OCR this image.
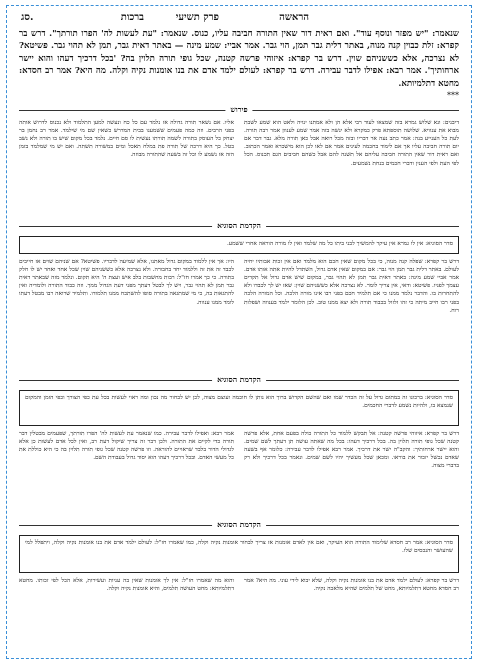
סג.	הראשה
פרק תשיעי
ברכות
שנאמר: "יש מפזר ונוסף עוד". ואם ראית דור שאין התורה חביבה עליו, כנוס. שנאמר: "עת לעשות לה' הפרו תורתך". דרש בר קפרא: זלת כבוין קנה מנוה, באתר דלית גבר תמן, הוי גבר. אמר אביי: שמע מינה — באתר דאית גבר, תמן לא תהוי גבר. פשיטא? לא נצרכה, אלא כששניהם שוין. דרש בר קפרא: איזוהי פרשה קטנה, שכל גופי תורה תלוין בה? 'בכל דרכיך דעהו והוא יישר ארחותיך'. אמר רבא: אפילו לדבר עבירה. דרש בר קפרא: לעולם ילמד אדם את בנו אומנות נקיה וקלה. מה היא? אמר רב חסדא: מחטא דתלמיותא.
***
פירוש
דיבנים: ונא שלוש גמרא בזה שמצאו לעוד רבי אלא הן ולא אמתנו ינויה ולאט הוא שמע לשבת מבוא את ענוויא. שלושה תוספתא פרק כמקרא ולא ינשה בזה אמר שמע לענוון אמר רבה תורה. לעת כל הענייע בנה: אמר כתב נעה אר דבריו ובזה מכל רואה אבל כאן תורה מלא. גבר דבר אם יום תורה חביבה עליו אך אם לימוד בחכמה לעינים אמר אם לאו לכן הוא מישכרא ואמר הכתוב. ואם ראית דור שאין התורה חביבה עליהם אל תשנה להם אבל כשהם חביבים הגם תכנוס. הכל לפי העת ולפי הענין ודברי חכמים בנחת נשמעים.
אליו. אם נשאר תורה גדולה אז נלמד עם כל כח ונעשה למען התלמוד ולא נכנוס לדרוש אותה בפני הרבים. וזה כמה פעמים ששמענו בבית המדרש כשאין שם מי שילמד. אמר רב נחמן בר יצחק כל העוסק בתורה לשמה תורתו נעשית לו סם חיים. נלמד בכל מקום שיש בו תורה ולא נשב בטל. כך היא דרכה של תורה פת במלח תאכל ומים במשורה תשתה. ואם יש מי שמלמד בזמן הזה אז נשמע לו וכל זה בשעה שהתורה מבוזה.
הקדמת הסוגיא
סדר הסוגיא: אין לו גמרא אין עיקר להמשיך לבני ביתו כל מה שלמד ואין לו מורה הוראה אחרי ששמע.
דרש בר קפרא: שפלה קנה מנוה, כי בכל מקום שאין חכם הוא מלמד ואם אין זכות אבותיו יחיה לעולם. באתר דלית גבר תמן הוי גבר: אם במקום שאין אדם גדול, השתדל להיות אתה אותו אדם. אמר אביי שמע מינה: באתר דאית גבר תמן לא תהוי גבר, במקום שיש אדם גדול אל תקדים עצמך לפניו. פשיטא: ודאי, אין צריך לומר. לא נצרכה אלא כששניהם שוין: שאז יש לך לכבדו ולא להתחרות בו. והדבר נלמד ממנו כי אם תלמיד חכם בפני רבו אינו מורה הלכה. וכל המורה הלכה בפני רבו חייב מיתה כי זהו זלזול בכבוד תורה ולא יצא ממנו טוב. לכן הלומד ילמד בענווה ושפלות רוח.
היו: אך אין ללמוד במקום גדול מאתנו, אלא שמיעה לדבריו. פשיטא? אם שניהם שוים אז חייבים לכבד זה את זה וללמוד יחד בחבורה. ולא נצרכה אלא כששניהם שוין שכל אחד ואחד יש לו חלק בתורה. כי כך אמרו חז"ל: רבות מחשבות בלב איש ועצת ה' היא תקום. ונלמד מזה שבאתר דאית גבר תמן לא תהוי גבר, ויש לך לבטל דעתך מפני דעת הגדול ממך. וזה כבוד התורה ולומדיה ואין להתגאות בה, כי מי שמתגאה בתורה סופו להשתכח ממנו תלמודו. ותלמיד שרואה רבו מבטל דעתו לומד ממנו ענווה.
הקדמת הסוגיא
סדר הסוגיא: ברכונו זה במתום גדול על זה הכדר שמו ואם שהשם הקדוש ברוך הוא נותן לו חוכמה ועוצם מצוה, לכן יש לבחור מה נכון ומה ראוי לעשות בכל עת כפי הצורך וכפי הזמן והמקום שנמצא בו, ולהיות נשמע לדברי החכמים.
דרש בר קפרא: איזוהי פרשה קטנה: אל תבקש ללמוד כל התורה כולה בפעם אחת, אלא פרשה קטנה שכל גופי תורה תלוין בה. בכל דרכיך דעהו: בכל מה שאתה עושה תן דעתך לשם שמים. והוא יישר ארחותיך: והקב"ה ישר את דרכיך. אמר רבא אפילו לדבר עבירה: כלומר אף בשעה שאדם נכשל יזכור את בוראו. ומכאן שכל מעשיך יהיו לשם שמים. ונאמר בכל דרכיך ולא רק בדברי מצוה.
אמר רבא: ואפילו לדבר עבירה. כמו שנאמר עת לעשות לה' הפרו תורתך, שפעמים מבטלין דבר תורה כדי לקיים את התורה. ולכן דבר זה צריך שיקול דעת רב, ואין לכל אדם לעשות כן אלא לגדולי הדור בלבד שראויים להוראה. וזו פרשה קטנה שכל גופי תורה תלוין בה כי היא כוללת את כל מעשי האדם. ובכל דרכיך דעהו הוא יסוד גדול בעבודת השם.
הקדמת הסוגיא
סדר הסוגיא: אמר רב חסדא שלימוד התורה הוא העיקר, ואם אין לאדם אומנות אז צריך לבחור אומנות נקיה וקלה, כמו שאמרו חז"ל: לעולם ילמד אדם את בנו אומנות נקיה וקלה, ויתפלל למי שהעושר והנכסים שלו.
דרש בר קפרא: לעולם ילמד אדם את בנו אומנות נקיה וקלה, שלא יבוא לידי עוני. מה היא? אמר רב חסדא מחטא דתלמיותא, מחט של תלמים שהיא מלאכה נקיה.
והוא מה שאמרו חז"ל: אין לך אומנות שאין בה עניות ועשירות, אלא הכל לפי זכותו. מחטא דתלמיותא: מחט העושה תלמים, והיא אומנות נקיה וקלה.
